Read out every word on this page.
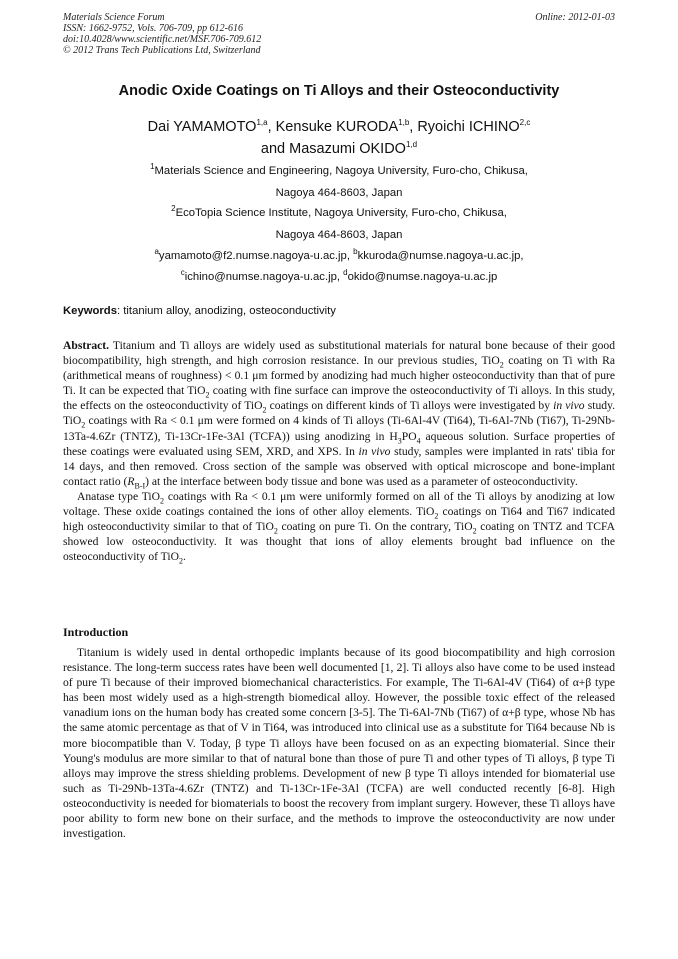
Materials Science Forum
ISSN: 1662-9752, Vols. 706-709, pp 612-616
doi:10.4028/www.scientific.net/MSF.706-709.612
© 2012 Trans Tech Publications Ltd, Switzerland
Online: 2012-01-03
Anodic Oxide Coatings on Ti Alloys and their Osteoconductivity
Dai YAMAMOTO$^{1,a}$, Kensuke KURODA$^{1,b}$, Ryoichi ICHINO$^{2,c}$
and Masazumi OKIDO$^{1,d}$
$^1$Materials Science and Engineering, Nagoya University, Furo-cho, Chikusa,
Nagoya 464-8603, Japan
$^2$EcoTopia Science Institute, Nagoya University, Furo-cho, Chikusa,
Nagoya 464-8603, Japan
$^a$yamamoto@f2.numse.nagoya-u.ac.jp, $^b$kkuroda@numse.nagoya-u.ac.jp,
$^c$ichino@numse.nagoya-u.ac.jp, $^d$okido@numse.nagoya-u.ac.jp
Keywords: titanium alloy, anodizing, osteoconductivity

Abstract. Titanium and Ti alloys are widely used as substitutional materials for natural bone because of their good biocompatibility, high strength, and high corrosion resistance. In our previous studies, TiO$_2$ coating on Ti with Ra (arithmetical means of roughness) < 0.1 μm formed by anodizing had much higher osteoconductivity than that of pure Ti. It can be expected that TiO$_2$ coating with fine surface can improve the osteoconductivity of Ti alloys. In this study, the effects on the osteoconductivity of TiO$_2$ coatings on different kinds of Ti alloys were investigated by in vivo study. TiO$_2$ coatings with Ra < 0.1 μm were formed on 4 kinds of Ti alloys (Ti-6Al-4V (Ti64), Ti-6Al-7Nb (Ti67), Ti-29Nb-13Ta-4.6Zr (TNTZ), Ti-13Cr-1Fe-3Al (TCFA)) using anodizing in $H_3PO_4$ aqueous solution. Surface properties of these coatings were evaluated using SEM, XRD, and XPS. In in vivo study, samples were implanted in rats' tibia for 14 days, and then removed. Cross section of the sample was observed with optical microscope and bone-implant contact ratio $(R_{B-I})$ at the interface between body tissue and bone was used as a parameter of osteoconductivity.

Anatase type TiO$_2$ coatings with Ra < 0.1 μm were uniformly formed on all of the Ti alloys by anodizing at low voltage. These oxide coatings contained the ions of other alloy elements. TiO$_2$ coatings on Ti64 and Ti67 indicated high osteoconductivity similar to that of TiO$_2$ coating on pure Ti. On the contrary, TiO$_2$ coating on TNTZ and TCFA showed low osteoconductivity. It was thought that ions of alloy elements brought bad influence on the osteoconductivity of TiO$_2$.

Introduction

Titanium is widely used in dental orthopedic implants because of its good biocompatibility and high corrosion resistance. The long-term success rates have been well documented [1, 2]. Ti alloys also have come to be used instead of pure Ti because of their improved biomechanical characteristics. For example, The Ti-6Al-4V (Ti64) of α+β type has been most widely used as a high-strength biomedical alloy. However, the possible toxic effect of the released vanadium ions on the human body has created some concern [3-5]. The Ti-6Al-7Nb (Ti67) of α+β type, whose Nb has the same atomic percentage as that of V in Ti64, was introduced into clinical use as a substitute for Ti64 because Nb is more biocompatible than V. Today, β type Ti alloys have been focused on as an expecting biomaterial. Since their Young's modulus are more similar to that of natural bone than those of pure Ti and other types of Ti alloys, β type Ti alloys may improve the stress shielding problems. Development of new β type Ti alloys intended for biomaterial use such as Ti-29Nb-13Ta-4.6Zr (TNTZ) and Ti-13Cr-1Fe-3Al (TCFA) are well conducted recently [6-8]. High osteoconductivity is needed for biomaterials to boost the recovery from implant surgery. However, these Ti alloys have poor ability to form new bone on their surface, and the methods to improve the osteoconductivity are now under investigation.
